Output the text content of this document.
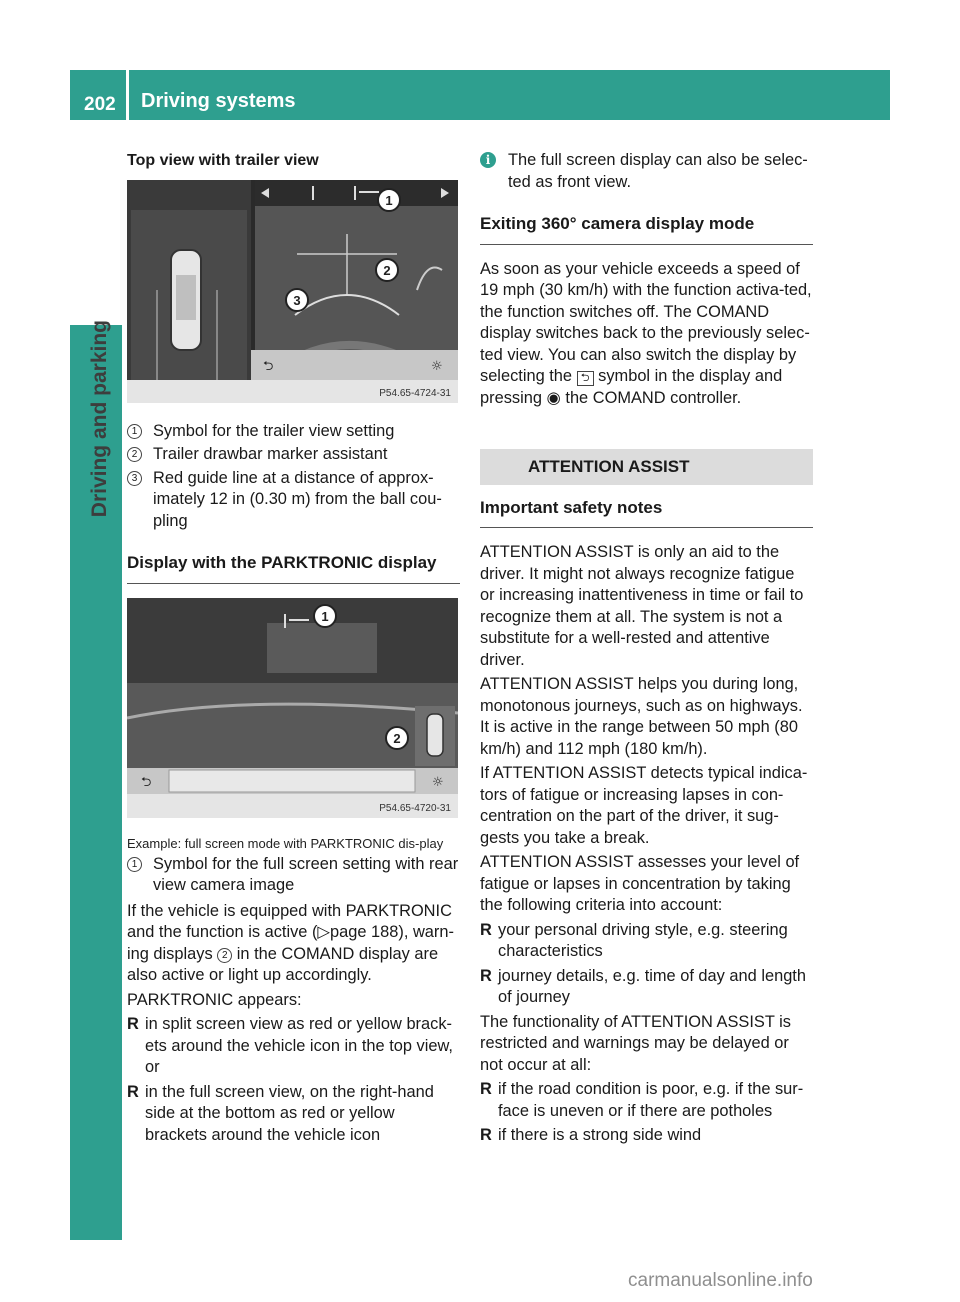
202	Driving systems
Driving and parking
Top view with trailer view
1
2
3
⮌	☼
P54.65-4724-31
1 Symbol for the trailer view setting
2 Trailer drawbar marker assistant
3 Red guide line at a distance of approx-imately 12 in (0.30 m) from the ball cou-pling
Display with the PARKTRONIC display
1
2
⮌	☼
P54.65-4720-31
Example: full screen mode with PARKTRONIC dis-play
1 Symbol for the full screen setting with rear view camera image

If the vehicle is equipped with PARKTRONIC and the function is active (▷page 188), warn-ing displays 2 in the COMAND display are also active or light up accordingly.

PARKTRONIC appears:

R in split screen view as red or yellow brack-ets around the vehicle icon in the top view, or
R in the full screen view, on the right-hand side at the bottom as red or yellow brackets around the vehicle icon
i	The full screen display can also be selec-ted as front view.
Exiting 360° camera display mode

As soon as your vehicle exceeds a speed of 19 mph (30 km/h) with the function activa-ted, the function switches off. The COMAND display switches back to the previously selec-ted view. You can also switch the display by selecting the ⮌ symbol in the display and pressing ◉ the COMAND controller.

ATTENTION ASSIST
Important safety notes

ATTENTION ASSIST is only an aid to the driver. It might not always recognize fatigue or increasing inattentiveness in time or fail to recognize them at all. The system is not a substitute for a well-rested and attentive driver.

ATTENTION ASSIST helps you during long, monotonous journeys, such as on highways. It is active in the range between 50 mph (80 km/h) and 112 mph (180 km/h).

If ATTENTION ASSIST detects typical indica-tors of fatigue or increasing lapses in con-centration on the part of the driver, it sug-gests you take a break.

ATTENTION ASSIST assesses your level of fatigue or lapses in concentration by taking the following criteria into account:

R your personal driving style, e.g. steering characteristics
R journey details, e.g. time of day and length of journey

The functionality of ATTENTION ASSIST is restricted and warnings may be delayed or not occur at all:

R if the road condition is poor, e.g. if the sur-face is uneven or if there are potholes
R if there is a strong side wind
carmanualsonline.info
